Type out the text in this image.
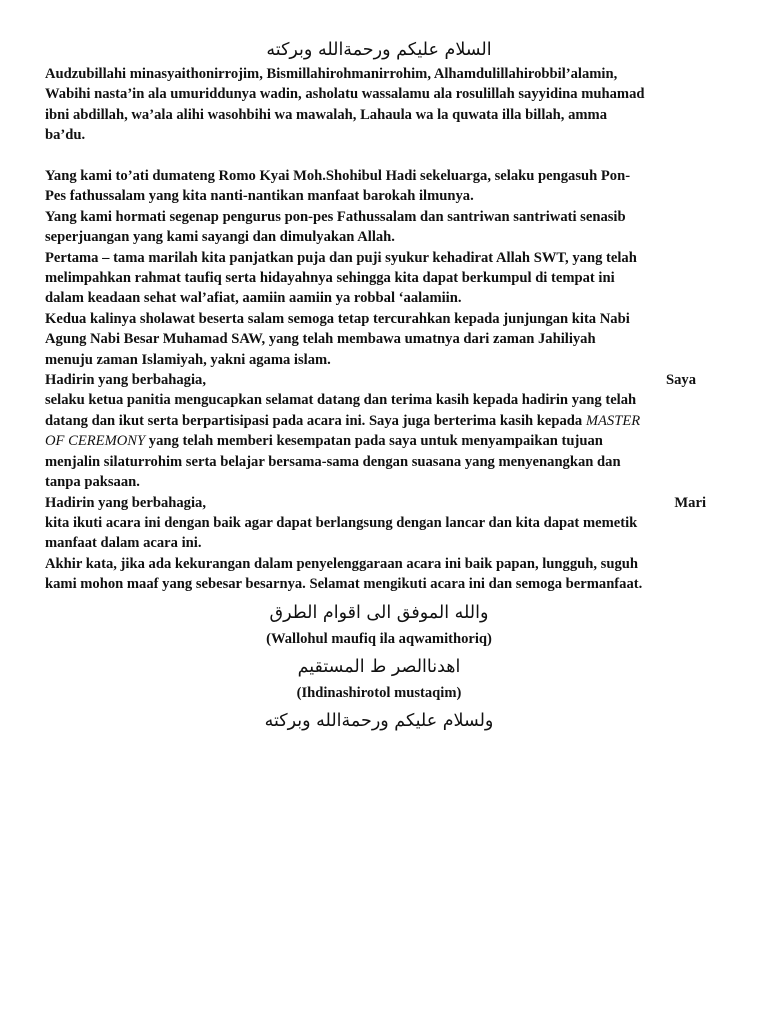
السلام عليكم ورحمةالله وبركته
Audzubillahi minasyaithonirrojim, Bismillahirohmanirrohim, Alhamdulillahirobbil’alamin,
Wabihi nasta’in ala umuriddunya wadin, asholatu wassalamu ala rosulillah sayyidina muhamad
ibni abdillah, wa’ala alihi wasohbihi wa mawalah, Lahaula wa la quwata illa billah, amma
ba’du.
Yang kami to’ati dumateng Romo Kyai Moh.Shohibul Hadi sekeluarga, selaku pengasuh Pon-
Pes fathussalam yang kita nanti-nantikan manfaat barokah ilmunya.
Yang kami hormati segenap pengurus pon-pes Fathussalam dan santriwan santriwati senasib
seperjuangan yang kami sayangi dan dimulyakan Allah.
Pertama – tama marilah kita panjatkan puja dan puji syukur kehadirat Allah SWT, yang telah
melimpahkan rahmat taufiq serta hidayahnya sehingga kita dapat berkumpul di tempat ini
dalam keadaan sehat wal’afiat, aamiin aamiin ya robbal ‘aalamiin.
Kedua kalinya sholawat beserta salam semoga tetap tercurahkan kepada junjungan kita Nabi
Agung Nabi Besar Muhamad SAW, yang telah membawa umatnya dari zaman Jahiliyah
menuju zaman Islamiyah, yakni agama islam.
Hadirin yang berbahagia,	Saya
selaku ketua panitia mengucapkan selamat datang dan terima kasih kepada hadirin yang telah
datang dan ikut serta berpartisipasi pada acara ini. Saya juga berterima kasih kepada MASTER
OF CEREMONY yang telah memberi kesempatan pada saya untuk menyampaikan tujuan
menjalin silaturrohim serta belajar bersama-sama dengan suasana yang menyenangkan dan
tanpa paksaan.
Hadirin yang berbahagia,	Mari
kita ikuti acara ini dengan baik agar dapat berlangsung dengan lancar dan kita dapat memetik
manfaat dalam acara ini.
Akhir kata, jika ada kekurangan dalam penyelenggaraan acara ini baik papan, lungguh, suguh
kami mohon maaf yang sebesar besarnya. Selamat mengikuti acara ini dan semoga bermanfaat.
والله الموفق الى اقوام الطرق
(Wallohul maufiq ila aqwamithoriq)
اهدناالصر ط المستقيم
(Ihdinashirotol mustaqim)
ولسلام عليكم ورحمةالله وبركته
